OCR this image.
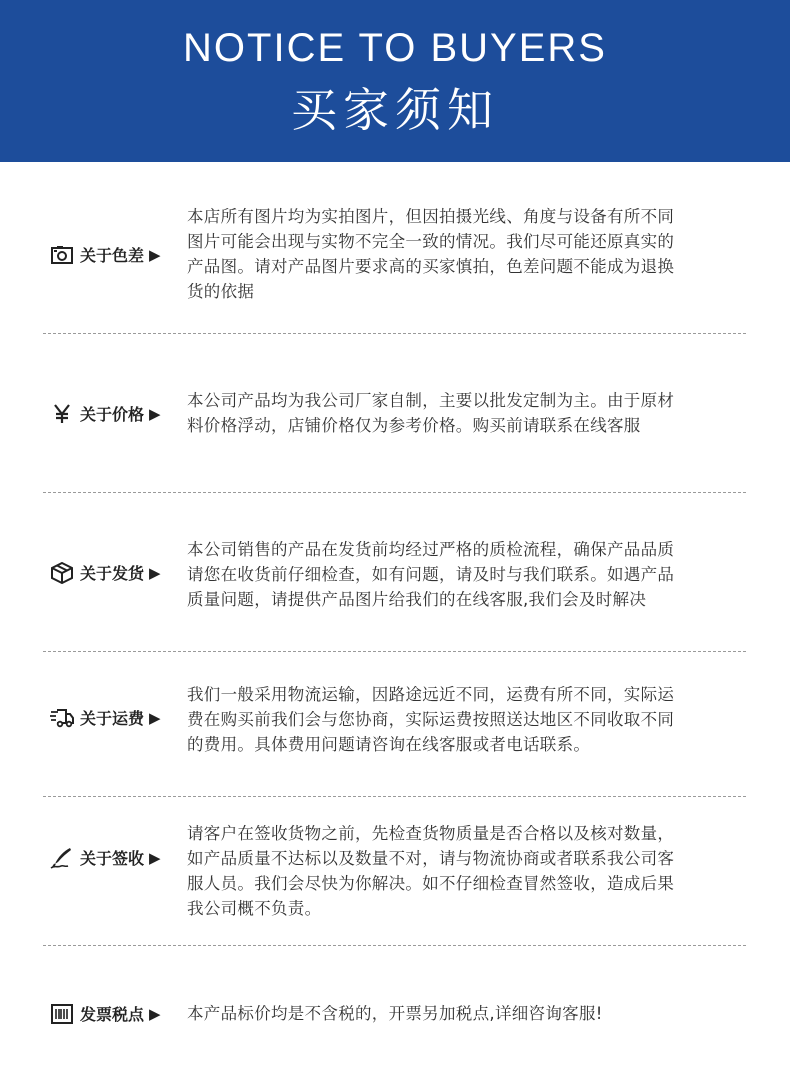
NOTICE TO BUYERS
买家须知
关于色差 ▶
本店所有图片均为实拍图片，但因拍摄光线、角度与设备有所不同
图片可能会出现与实物不完全一致的情况。我们尽可能还原真实的
产品图。请对产品图片要求高的买家慎拍，色差问题不能成为退换
货的依据
关于价格 ▶
本公司产品均为我公司厂家自制，主要以批发定制为主。由于原材
料价格浮动，店铺价格仅为参考价格。购买前请联系在线客服
关于发货 ▶
本公司销售的产品在发货前均经过严格的质检流程，确保产品品质
请您在收货前仔细检查，如有问题，请及时与我们联系。如遇产品
质量问题，请提供产品图片给我们的在线客服,我们会及时解决
关于运费 ▶
我们一般采用物流运输，因路途远近不同，运费有所不同，实际运
费在购买前我们会与您协商，实际运费按照送达地区不同收取不同
的费用。具体费用问题请咨询在线客服或者电话联系。
关于签收 ▶
请客户在签收货物之前，先检查货物质量是否合格以及核对数量，
如产品质量不达标以及数量不对，请与物流协商或者联系我公司客
服人员。我们会尽快为你解决。如不仔细检查冒然签收，造成后果
我公司概不负责。
发票税点 ▶ 本产品标价均是不含税的，开票另加税点,详细咨询客服!
